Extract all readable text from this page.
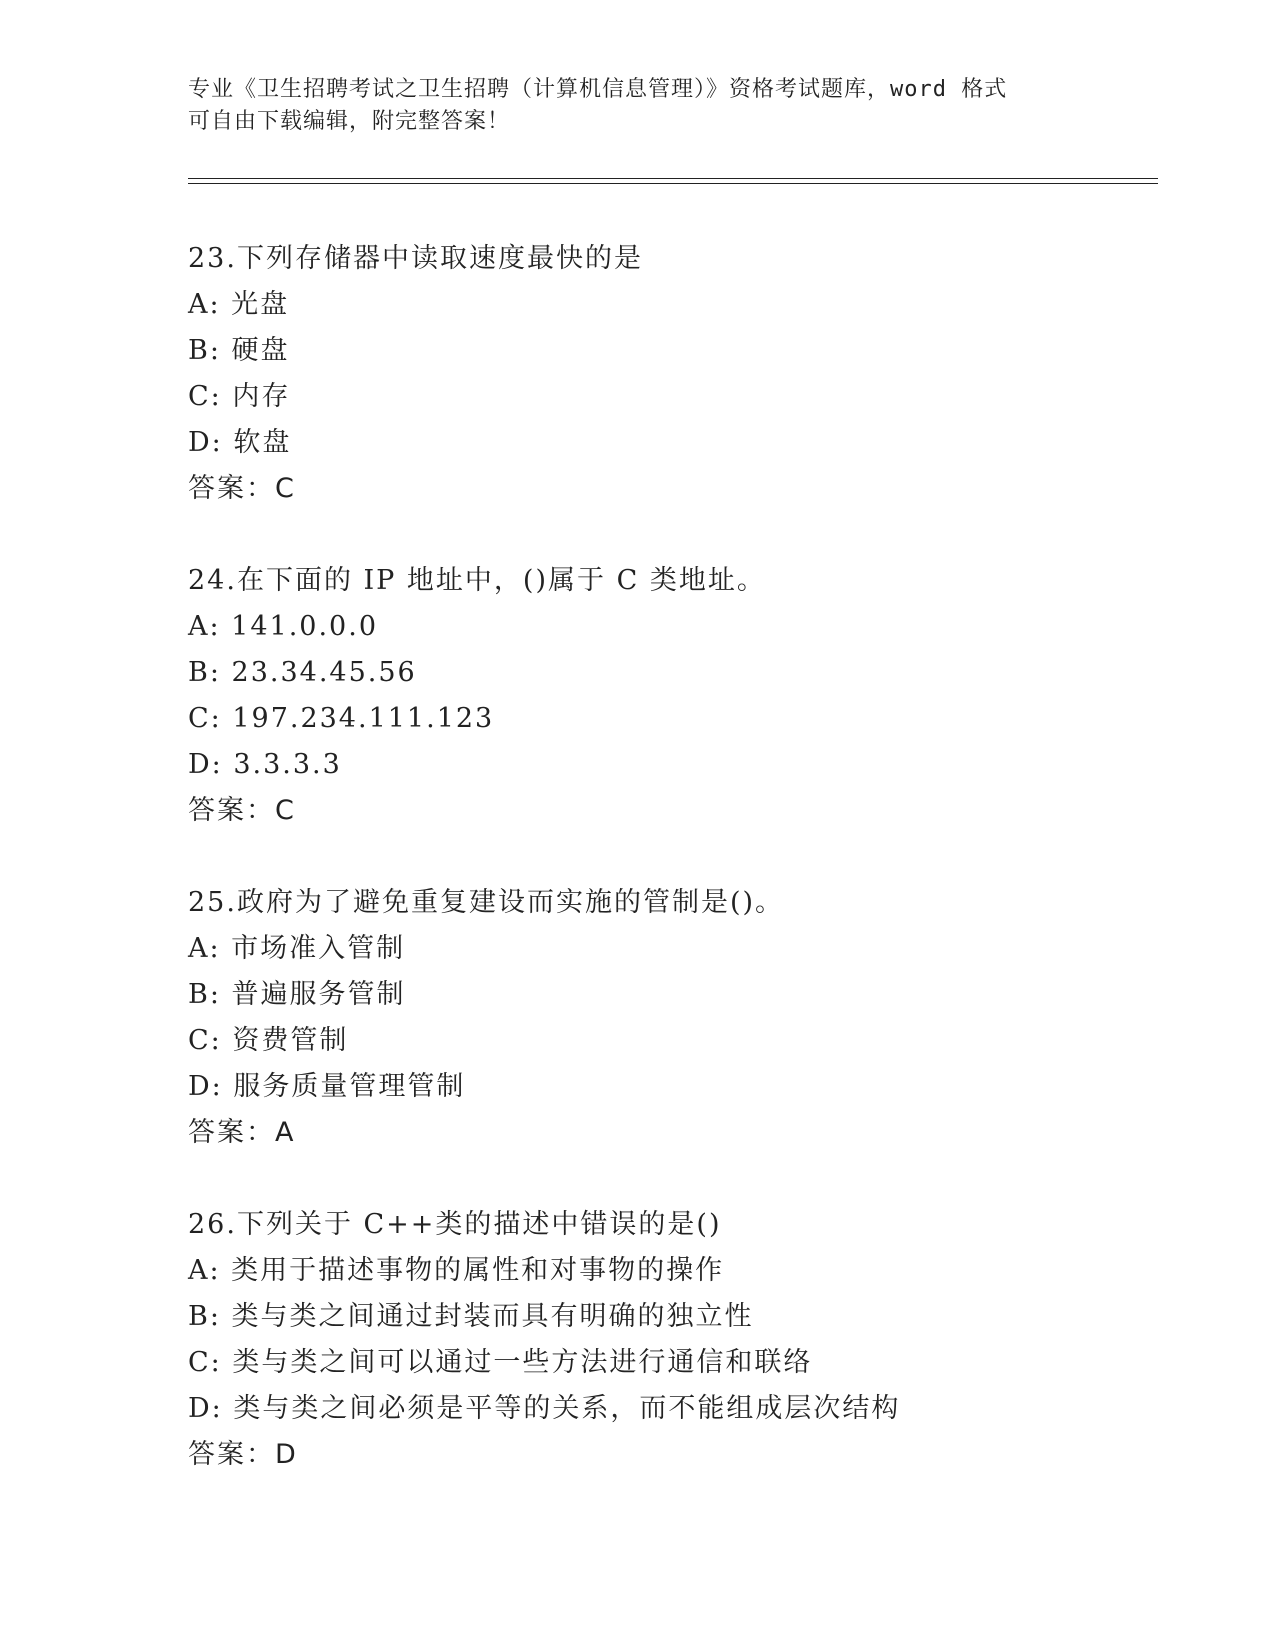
专业《卫生招聘考试之卫生招聘（计算机信息管理）》资格考试题库，word 格式
可自由下载编辑，附完整答案！
23.下列存储器中读取速度最快的是
A: 光盘
B: 硬盘
C: 内存
D: 软盘
答案：C
24.在下面的 IP 地址中，()属于 C 类地址。
A: 141.0.0.0
B: 23.34.45.56
C: 197.234.111.123
D: 3.3.3.3
答案：C
25.政府为了避免重复建设而实施的管制是()。
A: 市场准入管制
B: 普遍服务管制
C: 资费管制
D: 服务质量管理管制
答案：A
26.下列关于 C++类的描述中错误的是()
A: 类用于描述事物的属性和对事物的操作
B: 类与类之间通过封装而具有明确的独立性
C: 类与类之间可以通过一些方法进行通信和联络
D: 类与类之间必须是平等的关系，而不能组成层次结构
答案：D
